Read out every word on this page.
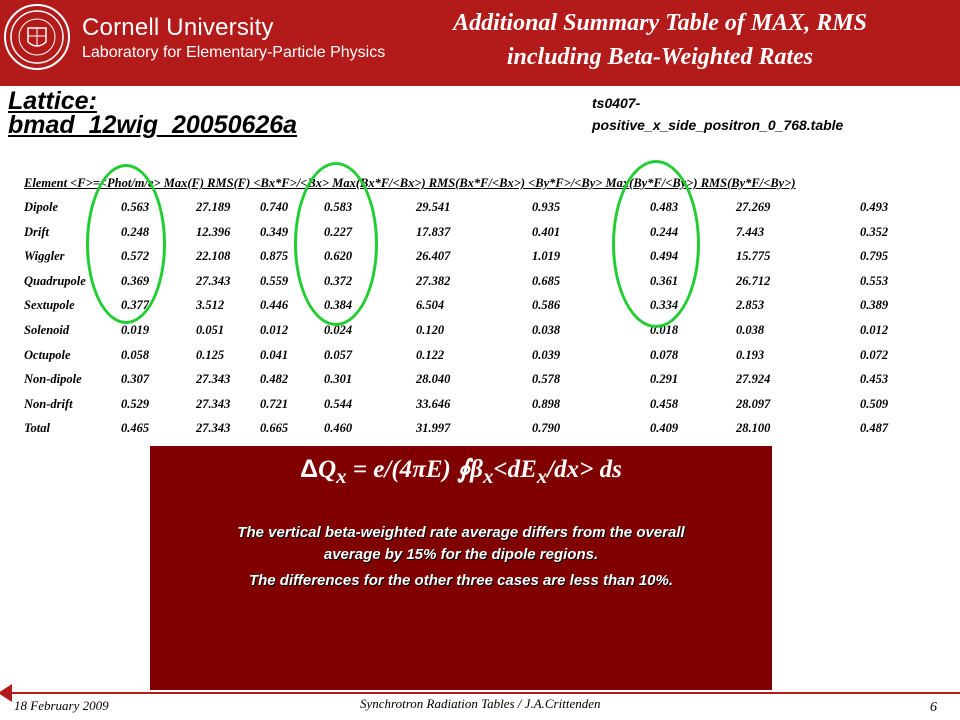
Cornell University
Laboratory for Elementary-Particle Physics
Additional Summary Table of MAX, RMS
including Beta-Weighted Rates
Lattice:
bmad_12wig_20050626a
ts0407-
positive_x_side_positron_0_768.table
Element <F>=<Phot/m/e> Max(F) RMS(F) <Bx*F>/<Bx> Max(Bx*F/<Bx>) RMS(Bx*F/<Bx>) <By*F>/<By> Max(By*F/<By>) RMS(By*F/<By>)
Dipole	0.563	27.189 0.740	0.583	29.541	0.935	0.483	27.269	0.493
Drift	0.248	12.396 0.349	0.227	17.837	0.401	0.244	7.443	0.352
Wiggler	0.572	22.108 0.875	0.620	26.407	1.019	0.494	15.775	0.795
Quadrupole	0.369	27.343 0.559	0.372	27.382	0.685	0.361	26.712	0.553
Sextupole	0.377	3.512	0.446	0.384	6.504	0.586	0.334	2.853	0.389
Solenoid	0.019	0.051	0.012	0.024	0.120	0.038	0.018	0.038	0.012
Octupole	0.058	0.125	0.041	0.057	0.122	0.039	0.078	0.193	0.072
Non-dipole	0.307	27.343 0.482	0.301	28.040	0.578	0.291	27.924	0.453
Non-drift	0.529	27.343 0.721	0.544	33.646	0.898	0.458	28.097	0.509
Total	0.465	27.343 0.665	0.460	31.997	0.790	0.409	28.100	0.487
$\Delta Q_x = e/(4\pi E)$ $∮\beta_x<dE_x/dx>$ ds
The vertical beta-weighted rate average differs from the overall
average by 15% for the dipole regions.
The differences for the other three cases are less than 10%.
18 February 2009	Synchrotron Radiation Tables / J.A.Crittenden	6
